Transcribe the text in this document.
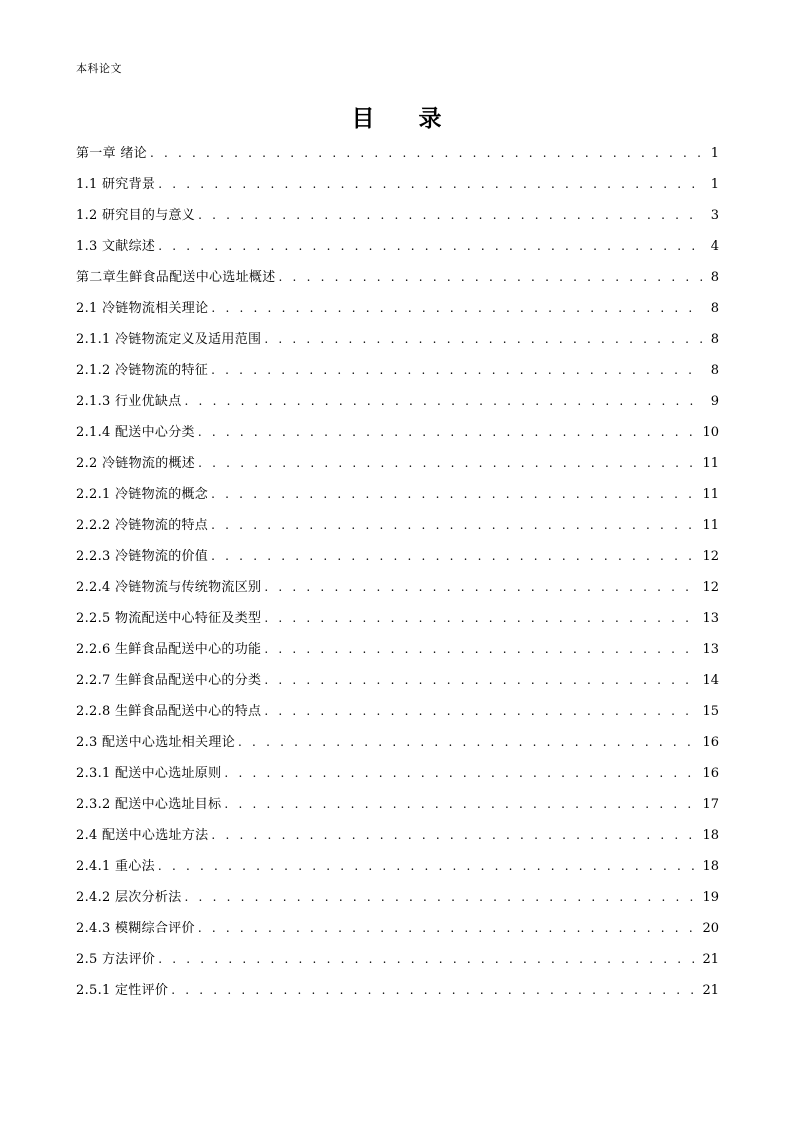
本科论文
目 录
第一章 绪论 . . .	1
1.1 研究背景 . . .	1
1.2 研究目的与意义 . . .	3
1.3 文献综述 . . .	4
第二章生鲜食品配送中心选址概述 . . .	8
2.1 冷链物流相关理论 . . .	8
2.1.1 冷链物流定义及适用范围 . . .	8
2.1.2 冷链物流的特征 . . .	8
2.1.3 行业优缺点 . . .	9
2.1.4 配送中心分类 . . .	10
2.2 冷链物流的概述 . . .	11
2.2.1 冷链物流的概念 . . .	11
2.2.2 冷链物流的特点 . . .	11
2.2.3 冷链物流的价值 . . .	12
2.2.4 冷链物流与传统物流区别 . . .	12
2.2.5 物流配送中心特征及类型 . . .	13
2.2.6 生鲜食品配送中心的功能 . . .	13
2.2.7 生鲜食品配送中心的分类 . . .	14
2.2.8 生鲜食品配送中心的特点 . . .	15
2.3 配送中心选址相关理论 . . .	16
2.3.1 配送中心选址原则 . . .	16
2.3.2 配送中心选址目标 . . .	17
2.4 配送中心选址方法 . . .	18
2.4.1 重心法 . . .	18
2.4.2 层次分析法 . . .	19
2.4.3 模糊综合评价 . . .	20
2.5 方法评价 . . .	21
2.5.1 定性评价 . . .	21
